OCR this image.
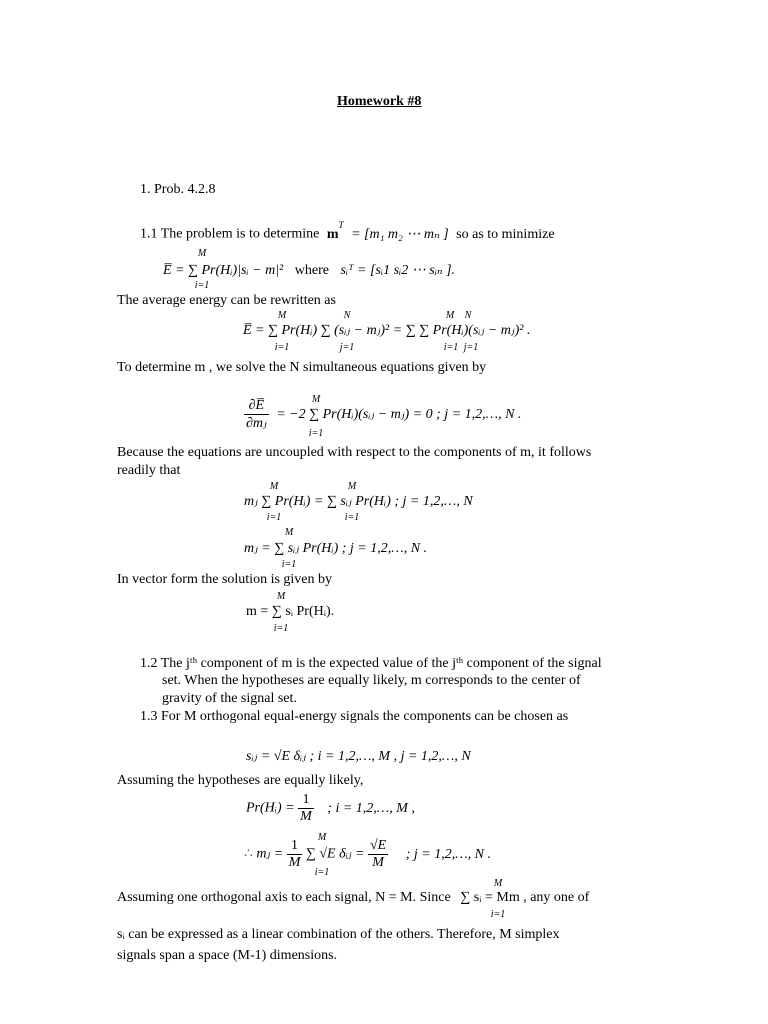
Homework #8
1. Prob. 4.2.8
1.1 The problem is to determine $m^T = [m_1$ m₂ ⋯ mₙ ] so as to minimize
M
E̅ = ∑ Pr(Hᵢ)|sᵢ − m|² where sᵢᵀ = [sᵢ1 sᵢ2 ⋯ sᵢₙ ].
i=1
The average energy can be rewritten as
M	N	M N
E̅ = ∑ Pr(Hᵢ) ∑ (sᵢⱼ − mⱼ)² = ∑ ∑ Pr(Hᵢ)(sᵢⱼ − mⱼ)² .
i=1	j=1	i=1 j=1
To determine m , we solve the N simultaneous equations given by
M
$\frac{\partial E̅}{\text{∂mⱼ}} = -2$ ∑ Pr(Hᵢ)(sᵢⱼ − mⱼ) = 0 ; j = 1,2,…, N .
i=1
Because the equations are uncoupled with respect to the components of m, it follows
readily that
M	M
mⱼ ∑ Pr(Hᵢ) = ∑ sᵢⱼ Pr(Hᵢ) ; j = 1,2,…, N
i=1	i=1
M
mⱼ = ∑ sᵢⱼ Pr(Hᵢ) ; j = 1,2,…, N .
i=1
In vector form the solution is given by
M
m = ∑ sᵢ Pr(Hᵢ).
i=1
1.2 The jᵗʰ component of m is the expected value of the jᵗʰ component of the signal
set. When the hypotheses are equally likely, m corresponds to the center of
gravity of the signal set.
1.3 For M orthogonal equal-energy signals the components can be chosen as
sᵢⱼ = √E δᵢⱼ ; i = 1,2,…, M , j = 1,2,…, N
Assuming the hypotheses are equally likely,
Pr(Hᵢ) = $\frac{1}{M}$ ; i = 1,2,…, M ,
M
∴ mⱼ = $\frac{1}{M}$ ∑ √E δᵢⱼ = $\frac{√E}{M}$ ; j = 1,2,…, N .
i=1
M
Assuming one orthogonal axis to each signal, N = M. Since ∑ sᵢ = Mm , any one of
i=1
sᵢ can be expressed as a linear combination of the others. Therefore, M simplex
signals span a space (M-1) dimensions.
